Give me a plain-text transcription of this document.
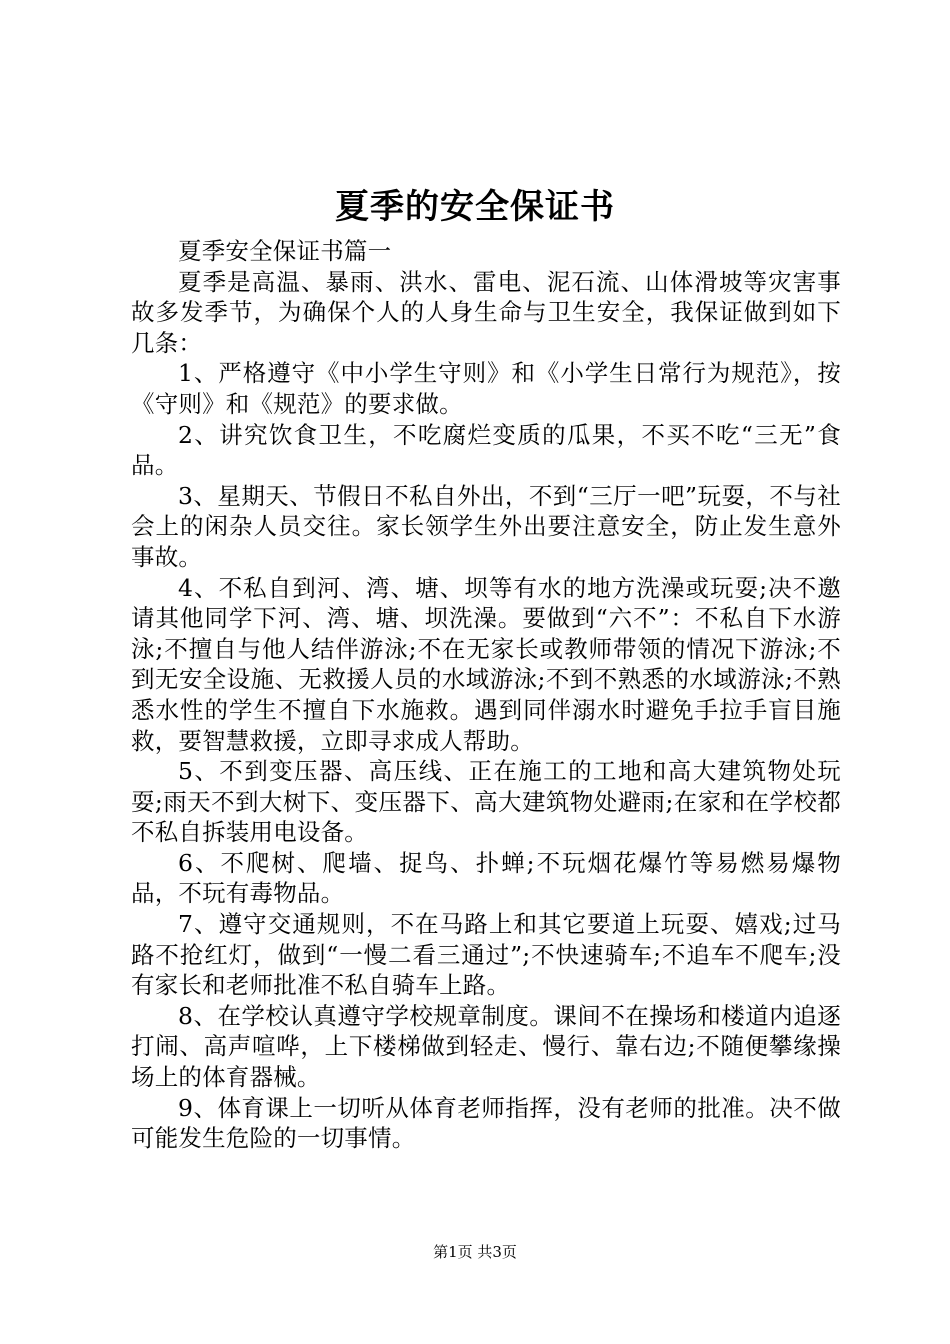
夏季的安全保证书

夏季安全保证书篇一

夏季是高温、暴雨、洪水、雷电、泥石流、山体滑坡等灾害事故多发季节，为确保个人的人身生命与卫生安全，我保证做到如下几条：

1、严格遵守《中小学生守则》和《小学生日常行为规范》，按《守则》和《规范》的要求做。

2、讲究饮食卫生，不吃腐烂变质的瓜果，不买不吃“三无”食品。

3、星期天、节假日不私自外出，不到“三厅一吧”玩耍，不与社会上的闲杂人员交往。家长领学生外出要注意安全，防止发生意外事故。

4、不私自到河、湾、塘、坝等有水的地方洗澡或玩耍;决不邀请其他同学下河、湾、塘、坝洗澡。要做到“六不”：不私自下水游泳;不擅自与他人结伴游泳;不在无家长或教师带领的情况下游泳;不到无安全设施、无救援人员的水域游泳;不到不熟悉的水域游泳;不熟悉水性的学生不擅自下水施救。遇到同伴溺水时避免手拉手盲目施救，要智慧救援，立即寻求成人帮助。

5、不到变压器、高压线、正在施工的工地和高大建筑物处玩耍;雨天不到大树下、变压器下、高大建筑物处避雨;在家和在学校都不私自拆装用电设备。

6、不爬树、爬墙、捉鸟、扑蝉;不玩烟花爆竹等易燃易爆物品，不玩有毒物品。

7、遵守交通规则，不在马路上和其它要道上玩耍、嬉戏;过马路不抢红灯，做到“一慢二看三通过”;不快速骑车;不追车不爬车;没有家长和老师批准不私自骑车上路。

8、在学校认真遵守学校规章制度。课间不在操场和楼道内追逐打闹、高声喧哗，上下楼梯做到轻走、慢行、靠右边;不随便攀缘操场上的体育器械。

9、体育课上一切听从体育老师指挥，没有老师的批准。决不做可能发生危险的一切事情。

第1页 共3页
